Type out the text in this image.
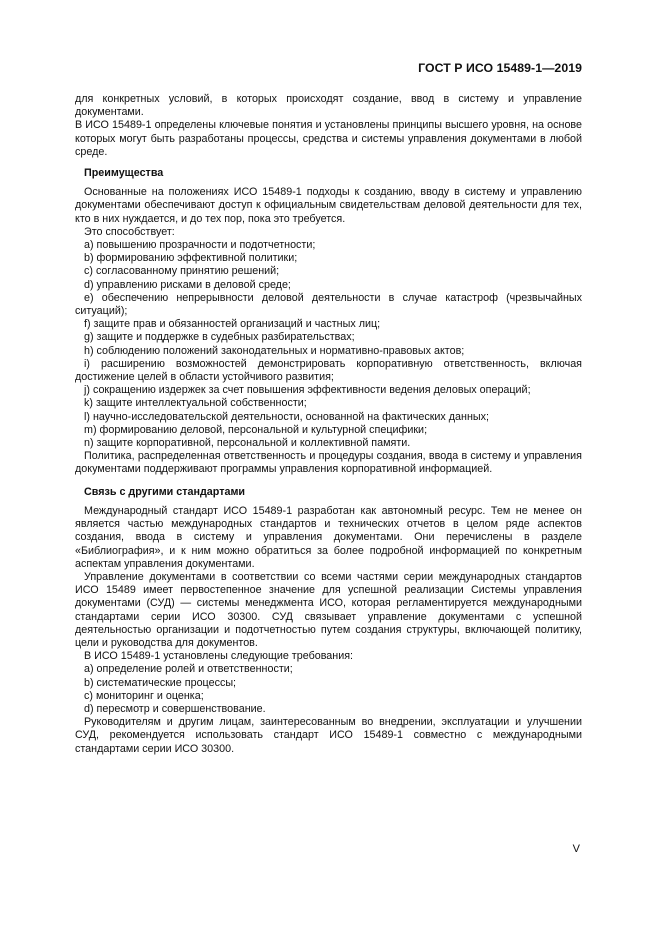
ГОСТ Р ИСО 15489-1—2019

для конкретных условий, в которых происходят создание, ввод в систему и управление документами.

В ИСО 15489-1 определены ключевые понятия и установлены принципы высшего уровня, на основе которых могут быть разработаны процессы, средства и системы управления документами в любой среде.

Преимущества

Основанные на положениях ИСО 15489-1 подходы к созданию, вводу в систему и управлению документами обеспечивают доступ к официальным свидетельствам деловой деятельности для тех, кто в них нуждается, и до тех пор, пока это требуется.

Это способствует:

а) повышению прозрачности и подотчетности;

b) формированию эффективной политики;

с) согласованному принятию решений;

d) управлению рисками в деловой среде;

е) обеспечению непрерывности деловой деятельности в случае катастроф (чрезвычайных ситуаций);

f) защите прав и обязанностей организаций и частных лиц;

g) защите и поддержке в судебных разбирательствах;

h) соблюдению положений законодательных и нормативно-правовых актов;

i) расширению возможностей демонстрировать корпоративную ответственность, включая достижение целей в области устойчивого развития;

j) сокращению издержек за счет повышения эффективности ведения деловых операций;

k) защите интеллектуальной собственности;

l) научно-исследовательской деятельности, основанной на фактических данных;

m) формированию деловой, персональной и культурной специфики;

n) защите корпоративной, персональной и коллективной памяти.

Политика, распределенная ответственность и процедуры создания, ввода в систему и управления документами поддерживают программы управления корпоративной информацией.

Связь с другими стандартами

Международный стандарт ИСО 15489-1 разработан как автономный ресурс. Тем не менее он является частью международных стандартов и технических отчетов в целом ряде аспектов создания, ввода в систему и управления документами. Они перечислены в разделе «Библиография», и к ним можно обратиться за более подробной информацией по конкретным аспектам управления документами.

Управление документами в соответствии со всеми частями серии международных стандартов ИСО 15489 имеет первостепенное значение для успешной реализации Системы управления документами (СУД) — системы менеджмента ИСО, которая регламентируется международными стандартами серии ИСО 30300. СУД связывает управление документами с успешной деятельностью организации и подотчетностью путем создания структуры, включающей политику, цели и руководства для документов.

В ИСО 15489-1 установлены следующие требования:

а) определение ролей и ответственности;

b) систематические процессы;

с) мониторинг и оценка;

d) пересмотр и совершенствование.

Руководителям и другим лицам, заинтересованным во внедрении, эксплуатации и улучшении СУД, рекомендуется использовать стандарт ИСО 15489-1 совместно с международными стандартами серии ИСО 30300.

V
